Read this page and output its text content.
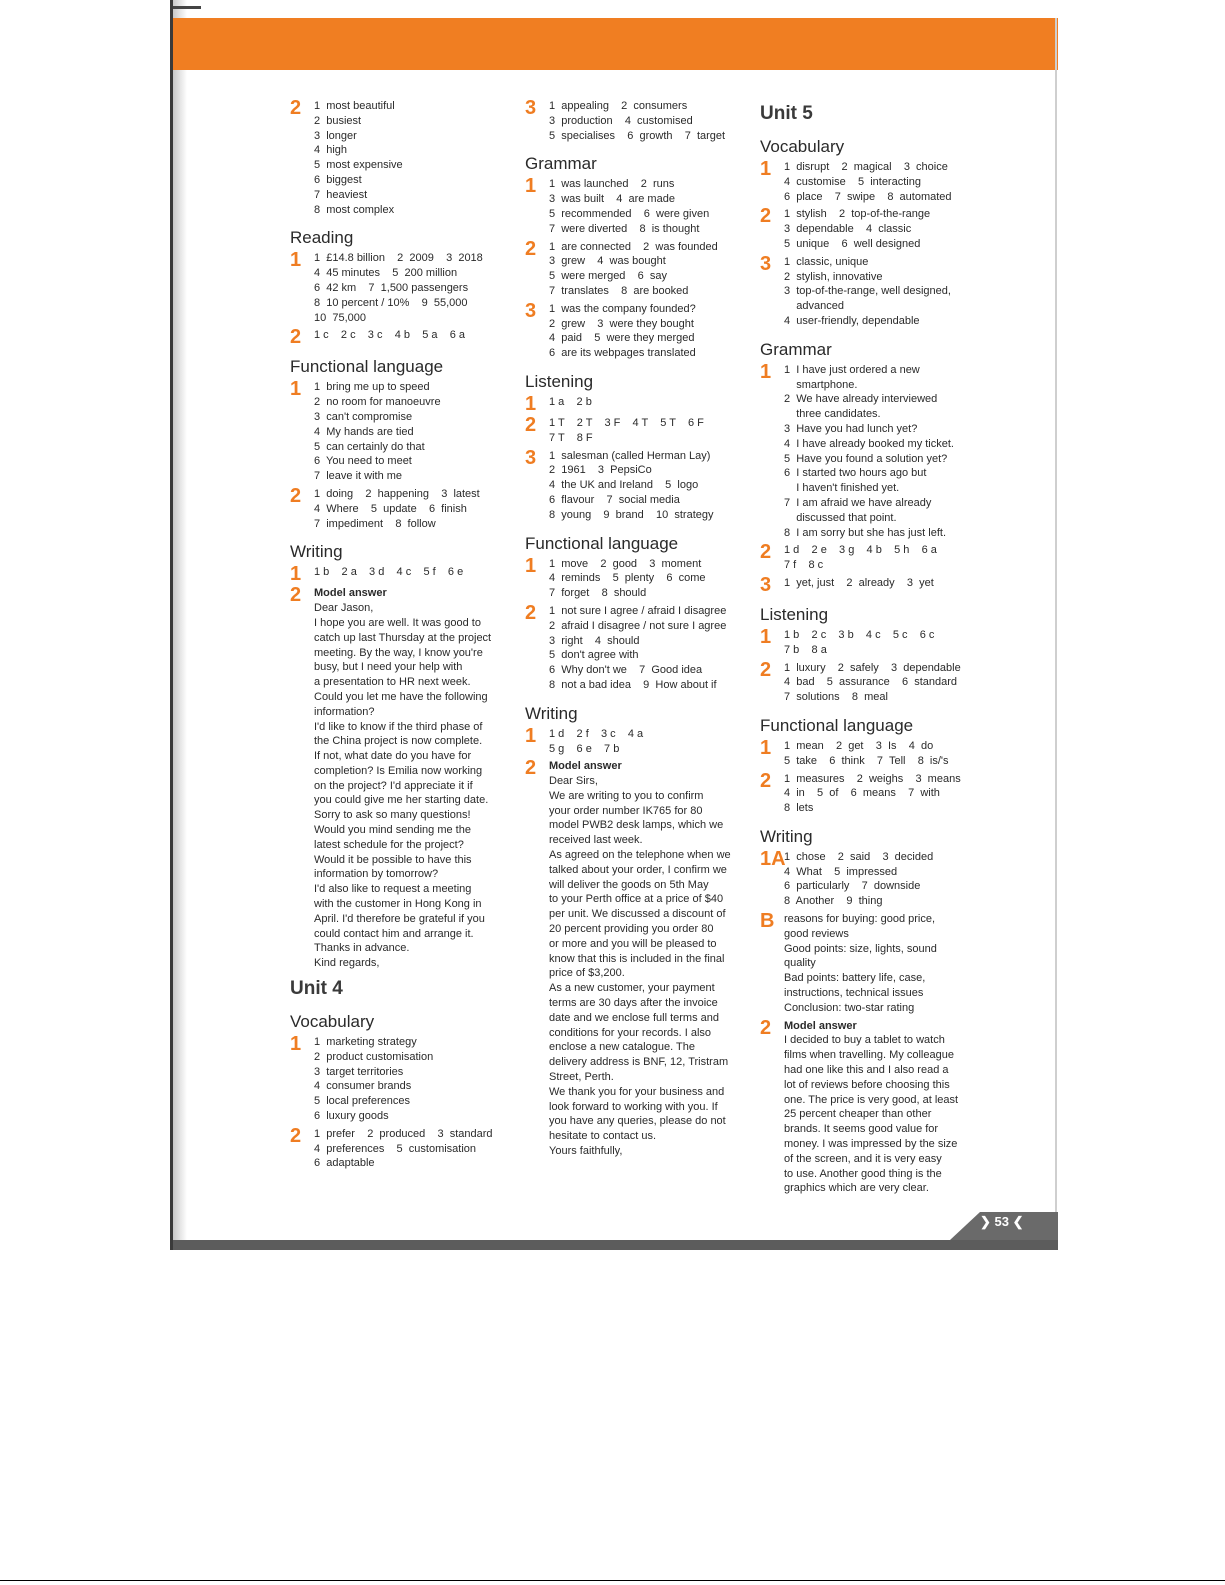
2	1  most beautiful
2  busiest
3  longer
4  high
5  most expensive
6  biggest
7  heaviest
8  most complex
Reading
1	1  £14.8 billion    2  2009    3  2018
4  45 minutes    5  200 million
6  42 km    7  1,500 passengers
8  10 percent / 10%    9  55,000
10  75,000
2	1 c    2 c    3 c    4 b    5 a    6 a
Functional language
1	1  bring me up to speed
2  no room for manoeuvre
3  can't compromise
4  My hands are tied
5  can certainly do that
6  You need to meet
7  leave it with me
2	1  doing    2  happening    3  latest
4  Where    5  update    6  finish
7  impediment    8  follow
Writing
1	1 b    2 a    3 d    4 c    5 f    6 e
2	Model answer
Dear Jason,
I hope you are well. It was good to
catch up last Thursday at the project
meeting. By the way, I know you're
busy, but I need your help with
a presentation to HR next week.
Could you let me have the following
information?
I'd like to know if the third phase of
the China project is now complete.
If not, what date do you have for
completion? Is Emilia now working
on the project? I'd appreciate it if
you could give me her starting date.
Sorry to ask so many questions!
Would you mind sending me the
latest schedule for the project?
Would it be possible to have this
information by tomorrow?
I'd also like to request a meeting
with the customer in Hong Kong in
April. I'd therefore be grateful if you
could contact him and arrange it.
Thanks in advance.
Kind regards,
Unit 4
Vocabulary
1	1  marketing strategy
2  product customisation
3  target territories
4  consumer brands
5  local preferences
6  luxury goods
2	1  prefer    2  produced    3  standard
4  preferences    5  customisation
6  adaptable
3	1  appealing    2  consumers
3  production    4  customised
5  specialises    6  growth    7  target
Grammar
1	1  was launched    2  runs
3  was built    4  are made
5  recommended    6  were given
7  were diverted    8  is thought
2	1  are connected    2  was founded
3  grew    4  was bought
5  were merged    6  say
7  translates    8  are booked
3	1  was the company founded?
2  grew    3  were they bought
4  paid    5  were they merged
6  are its webpages translated
Listening
1	1 a    2 b
2	1 T    2 T    3 F    4 T    5 T    6 F
7 T    8 F
3	1  salesman (called Herman Lay)
2  1961    3  PepsiCo
4  the UK and Ireland    5  logo
6  flavour    7  social media
8  young    9  brand    10  strategy
Functional language
1	1  move    2  good    3  moment
4  reminds    5  plenty    6  come
7  forget    8  should
2	1  not sure I agree / afraid I disagree
2  afraid I disagree / not sure I agree
3  right    4  should
5  don't agree with
6  Why don't we    7  Good idea
8  not a bad idea    9  How about if
Writing
1	1 d    2 f    3 c    4 a
5 g    6 e    7 b
2	Model answer
Dear Sirs,
We are writing to you to confirm
your order number IK765 for 80
model PWB2 desk lamps, which we
received last week.
As agreed on the telephone when we
talked about your order, I confirm we
will deliver the goods on 5th May
to your Perth office at a price of $40
per unit. We discussed a discount of
20 percent providing you order 80
or more and you will be pleased to
know that this is included in the final
price of $3,200.
As a new customer, your payment
terms are 30 days after the invoice
date and we enclose full terms and
conditions for your records. I also
enclose a new catalogue. The
delivery address is BNF, 12, Tristram
Street, Perth.
We thank you for your business and
look forward to working with you. If
you have any queries, please do not
hesitate to contact us.
Yours faithfully,
Unit 5
Vocabulary
1	1  disrupt    2  magical    3  choice
4  customise    5  interacting
6  place    7  swipe    8  automated
2	1  stylish    2  top-of-the-range
3  dependable    4  classic
5  unique    6  well designed
3	1  classic, unique
2  stylish, innovative
3  top-of-the-range, well designed,
advanced
4  user-friendly, dependable
Grammar
1	1  I have just ordered a new
smartphone.
2  We have already interviewed
three candidates.
3  Have you had lunch yet?
4  I have already booked my ticket.
5  Have you found a solution yet?
6  I started two hours ago but
I haven't finished yet.
7  I am afraid we have already
discussed that point.
8  I am sorry but she has just left.
2	1 d    2 e    3 g    4 b    5 h    6 a
7 f    8 c
3	1  yet, just    2  already    3  yet
Listening
1	1 b    2 c    3 b    4 c    5 c    6 c
7 b    8 a
2	1  luxury    2  safely    3  dependable
4  bad    5  assurance    6  standard
7  solutions    8  meal
Functional language
1	1  mean    2  get    3  Is    4  do
5  take    6  think    7  Tell    8  is/'s
2	1  measures    2  weighs    3  means
4  in    5  of    6  means    7  with
8  lets
Writing
1A
1  chose    2  said    3  decided
4  What    5  impressed
6  particularly    7  downside
8  Another    9  thing
B reasons for buying: good price,
good reviews
Good points: size, lights, sound
quality
Bad points: battery life, case,
instructions, technical issues
Conclusion: two-star rating
2	Model answer
I decided to buy a tablet to watch
films when travelling. My colleague
had one like this and I also read a
lot of reviews before choosing this
one. The price is very good, at least
25 percent cheaper than other
brands. It seems good value for
money. I was impressed by the size
of the screen, and it is very easy
to use. Another good thing is the
graphics which are very clear.
❯ 53 ❮
